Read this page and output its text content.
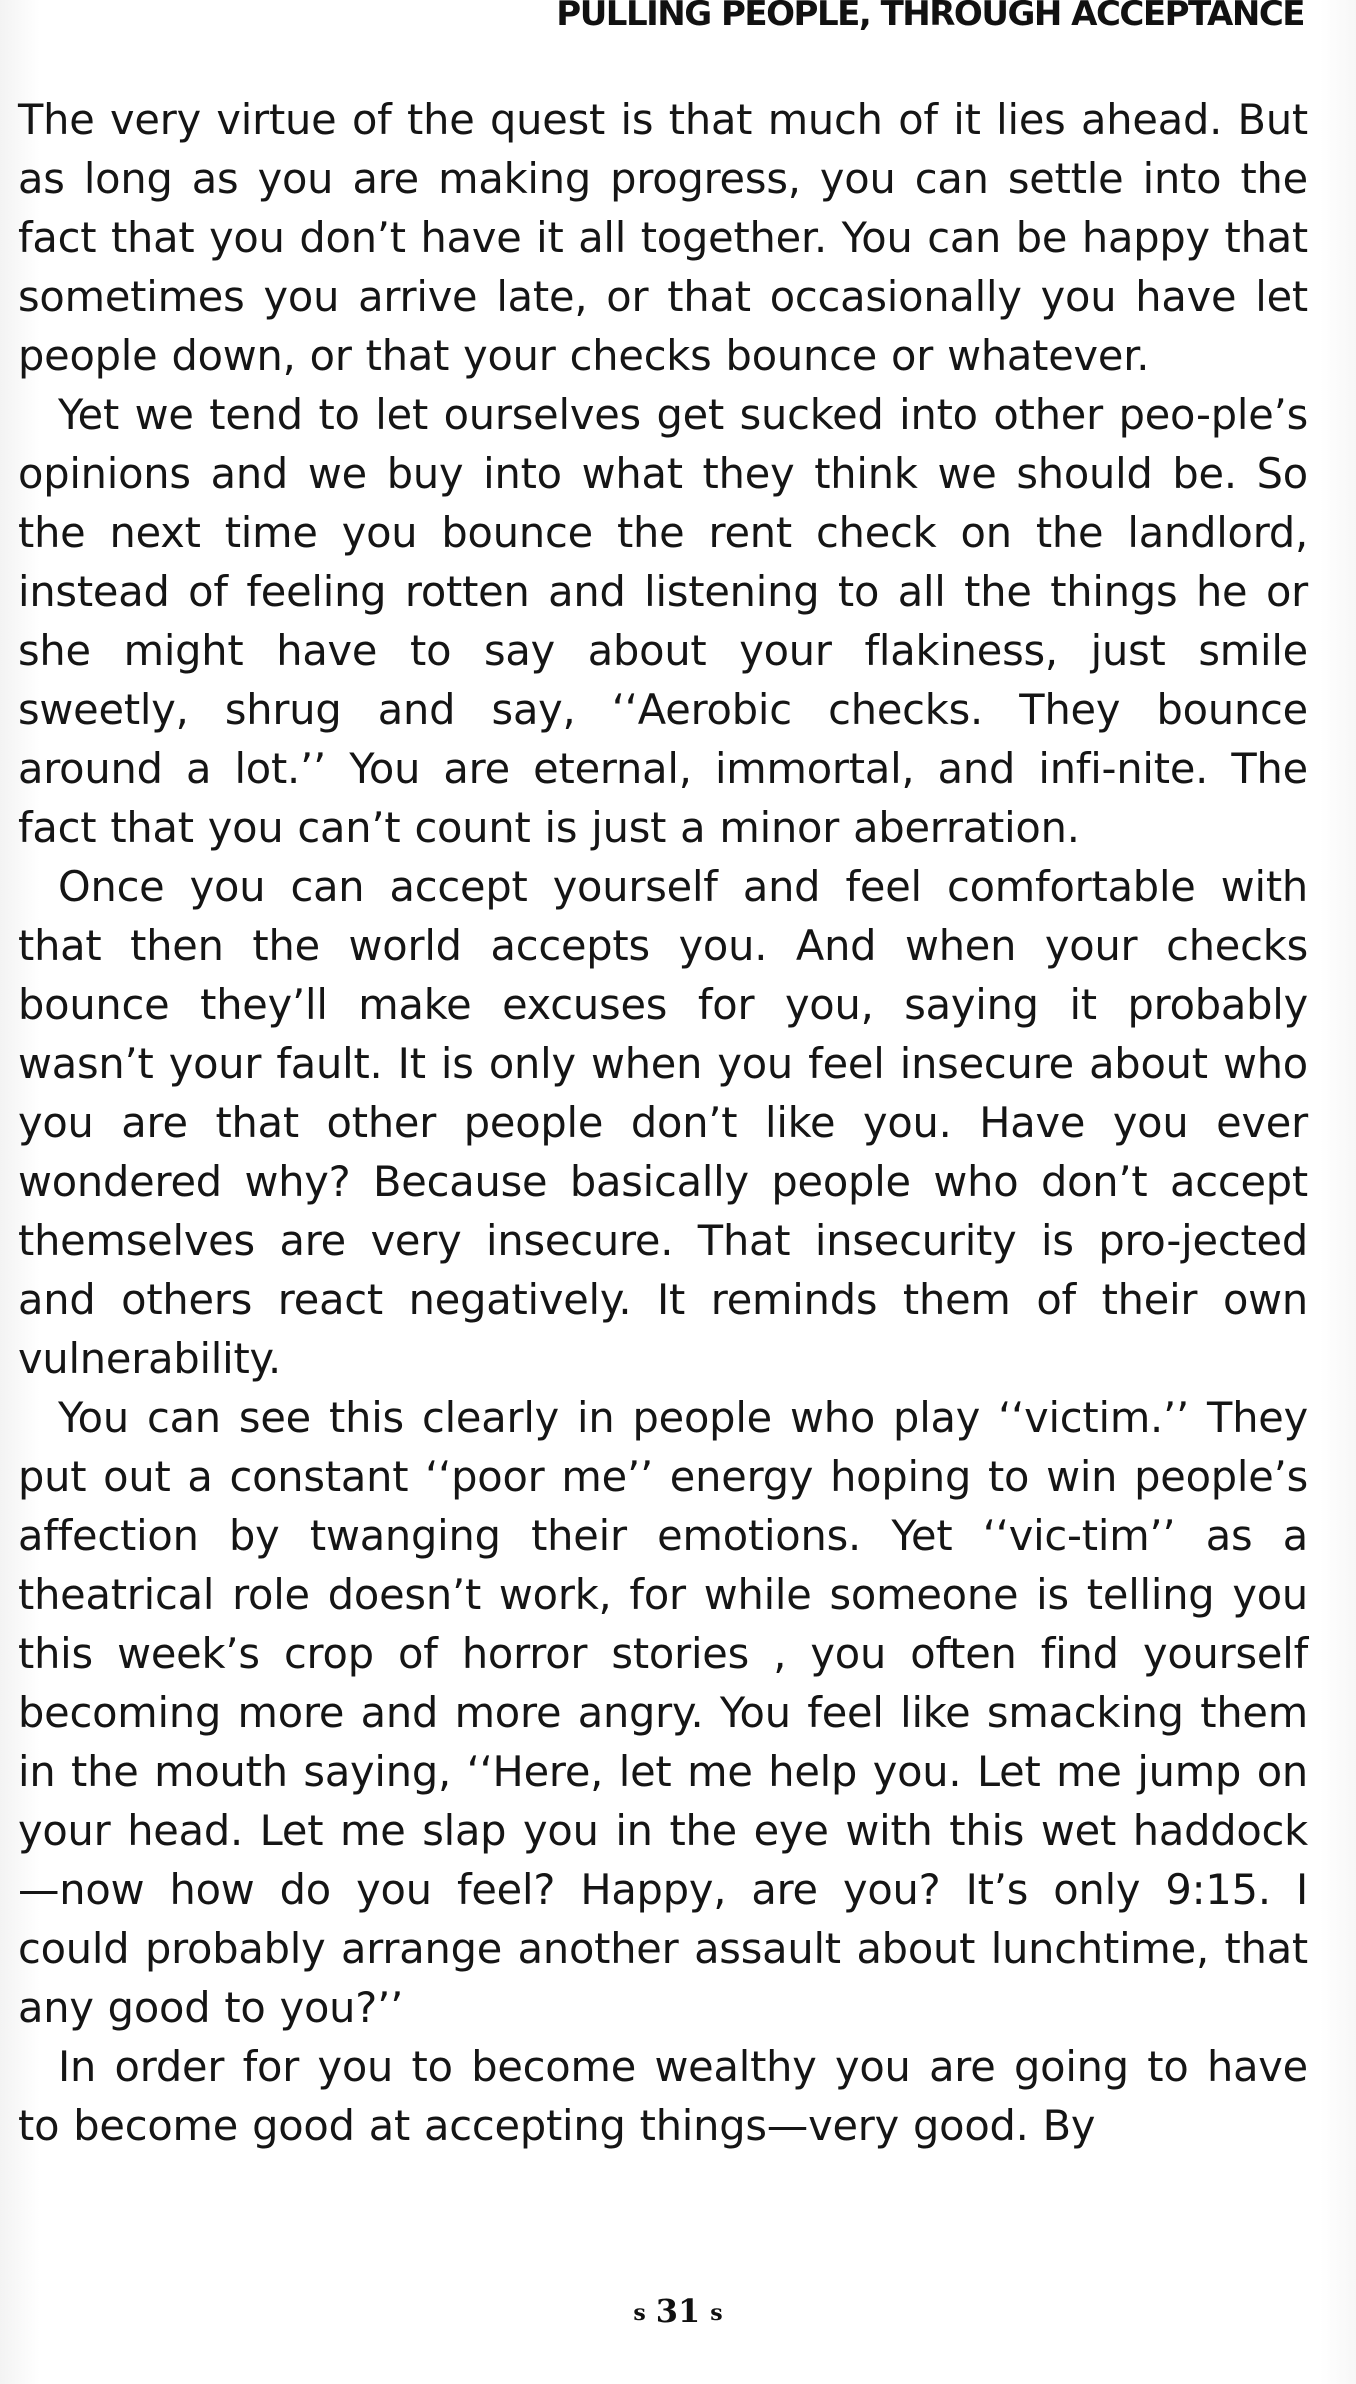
PULLING PEOPLE, THROUGH ACCEPTANCE

The very virtue of the quest is that much of it lies ahead. But as long as you are making progress, you can settle into the fact that you don’t have it all together. You can be happy that sometimes you arrive late, or that occasionally you have let people down, or that your checks bounce or whatever.

Yet we tend to let ourselves get sucked into other peo-ple’s opinions and we buy into what they think we should be. So the next time you bounce the rent check on the landlord, instead of feeling rotten and listening to all the things he or she might have to say about your flakiness, just smile sweetly, shrug and say, ‘‘Aerobic checks. They bounce around a lot.’’ You are eternal, immortal, and infi-nite. The fact that you can’t count is just a minor aberration.

Once you can accept yourself and feel comfortable with that then the world accepts you. And when your checks bounce they’ll make excuses for you, saying it probably wasn’t your fault. It is only when you feel insecure about who you are that other people don’t like you. Have you ever wondered why? Because basically people who don’t accept themselves are very insecure. That insecurity is pro-jected and others react negatively. It reminds them of their own vulnerability.

You can see this clearly in people who play ‘‘victim.’’ They put out a constant ‘‘poor me’’ energy hoping to win people’s affection by twanging their emotions. Yet ‘‘vic-tim’’ as a theatrical role doesn’t work, for while someone is telling you this week’s crop of horror stories , you often find yourself becoming more and more angry. You feel like smacking them in the mouth saying, ‘‘Here, let me help you. Let me jump on your head. Let me slap you in the eye with this wet haddock—now how do you feel? Happy, are you? It’s only 9:15. I could probably arrange another assault about lunchtime, that any good to you?’’

In order for you to become wealthy you are going to have to become good at accepting things—very good. By

s 31 s
